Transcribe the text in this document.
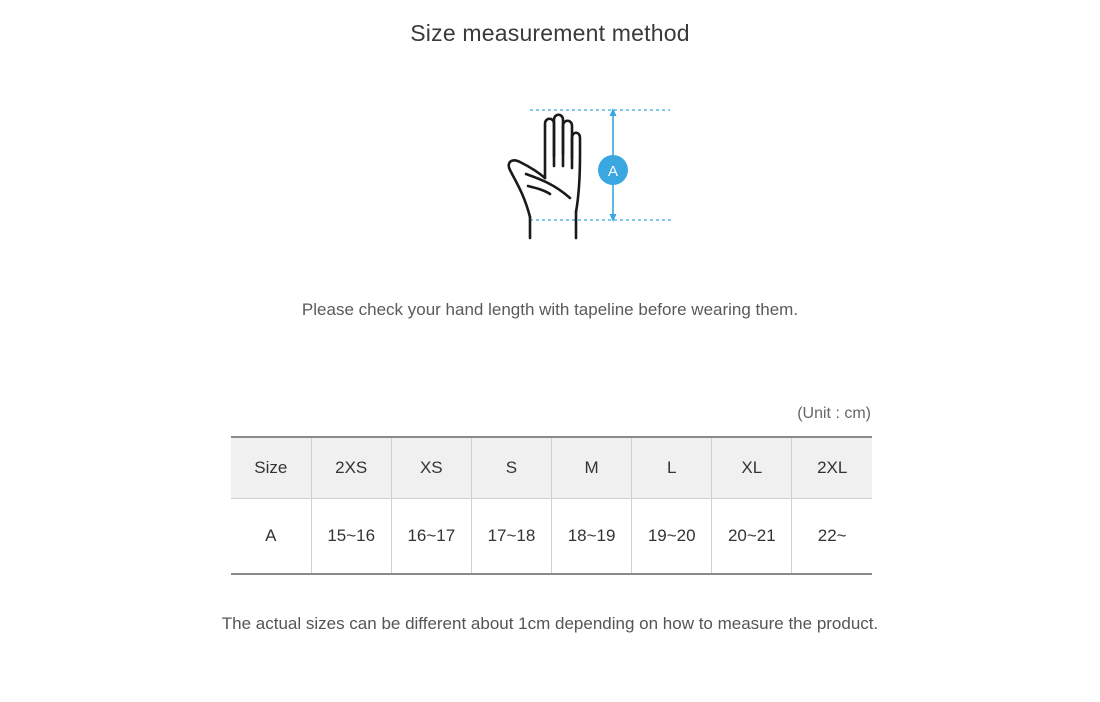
Size measurement method
A
Please check your hand length with tapeline before wearing them.
(Unit : cm)
Size	2XS	XS	S	M	L	XL	2XL
A	15~16	16~17	17~18	18~19	19~20	20~21	22~
The actual sizes can be different about 1cm depending on how to measure the product.
